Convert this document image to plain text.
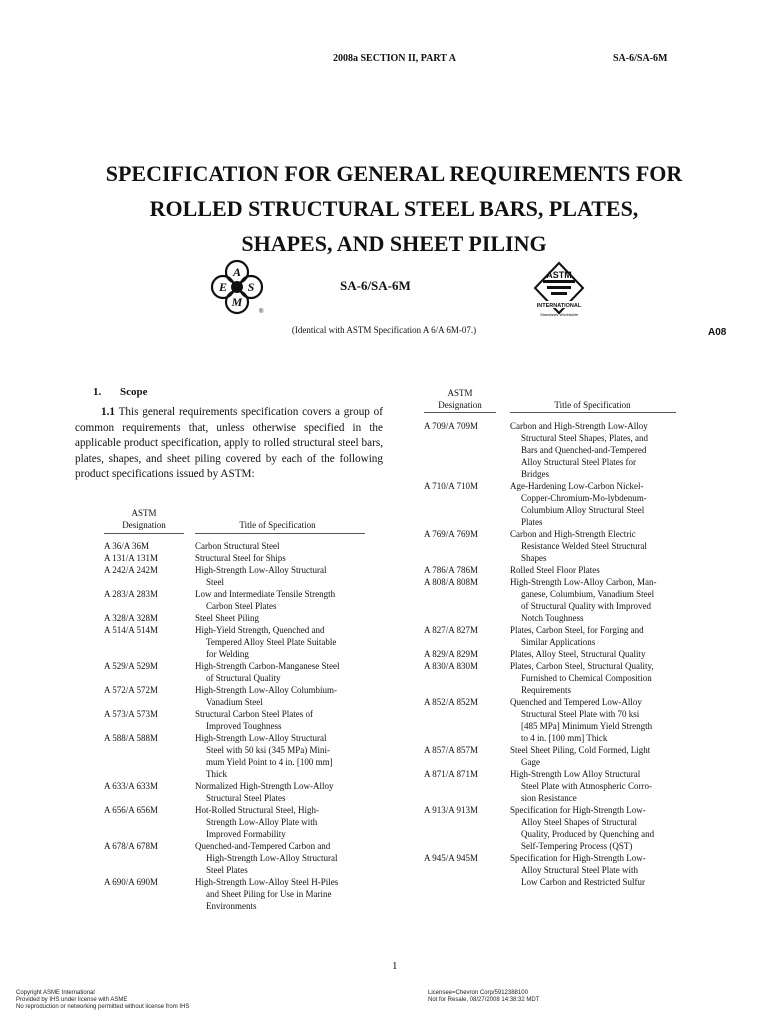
2008a SECTION II, PART A	SA-6/SA-6M
SPECIFICATION FOR GENERAL REQUIREMENTS FOR
ROLLED STRUCTURAL STEEL BARS, PLATES,
SHAPES, AND SHEET PILING
A
E S
M
®
SA-6/SA-6M
ASTM
INTERNATIONAL
Standards Worldwide
(Identical with ASTM Specification A 6/A 6M-07.)	A08
1. Scope
1.1 This general requirements specification covers a group of common requirements that, unless otherwise specified in the applicable product specification, apply to rolled structural steel bars, plates, shapes, and sheet piling covered by each of the following product specifications issued by ASTM:
ASTM
Designation	Title of Specification
A 36/A 36M	Carbon Structural Steel
A 131/A 131M	Structural Steel for Ships
A 242/A 242M	High-Strength Low-Alloy Structural
Steel
A 283/A 283M	Low and Intermediate Tensile Strength
Carbon Steel Plates
A 328/A 328M	Steel Sheet Piling
A 514/A 514M	High-Yield Strength, Quenched and
Tempered Alloy Steel Plate Suitable
for Welding
A 529/A 529M	High-Strength Carbon-Manganese Steel
of Structural Quality
A 572/A 572M	High-Strength Low-Alloy Columbium-
Vanadium Steel
A 573/A 573M	Structural Carbon Steel Plates of
Improved Toughness
A 588/A 588M	High-Strength Low-Alloy Structural
Steel with 50 ksi (345 MPa) Mini-
mum Yield Point to 4 in. [100 mm]
Thick
A 633/A 633M	Normalized High-Strength Low-Alloy
Structural Steel Plates
A 656/A 656M	Hot-Rolled Structural Steel, High-
Strength Low-Alloy Plate with
Improved Formability
A 678/A 678M	Quenched-and-Tempered Carbon and
High-Strength Low-Alloy Structural
Steel Plates
A 690/A 690M	High-Strength Low-Alloy Steel H-Piles
and Sheet Piling for Use in Marine
Environments
ASTM
Designation	Title of Specification
A 709/A 709M	Carbon and High-Strength Low-Alloy
Structural Steel Shapes, Plates, and
Bars and Quenched-and-Tempered
Alloy Structural Steel Plates for
Bridges
A 710/A 710M	Age-Hardening Low-Carbon Nickel-
Copper-Chromium-Mo-lybdenum-
Columbium Alloy Structural Steel
Plates
A 769/A 769M	Carbon and High-Strength Electric
Resistance Welded Steel Structural
Shapes
A 786/A 786M	Rolled Steel Floor Plates
A 808/A 808M	High-Strength Low-Alloy Carbon, Man-
ganese, Columbium, Vanadium Steel
of Structural Quality with Improved
Notch Toughness
A 827/A 827M	Plates, Carbon Steel, for Forging and
Similar Applications
A 829/A 829M	Plates, Alloy Steel, Structural Quality
A 830/A 830M	Plates, Carbon Steel, Structural Quality,
Furnished to Chemical Composition
Requirements
A 852/A 852M	Quenched and Tempered Low-Alloy
Structural Steel Plate with 70 ksi
[485 MPa] Minimum Yield Strength
to 4 in. [100 mm] Thick
A 857/A 857M	Steel Sheet Piling, Cold Formed, Light
Gage
A 871/A 871M	High-Strength Low Alloy Structural
Steel Plate with Atmospheric Corro-
sion Resistance
A 913/A 913M	Specification for High-Strength Low-
Alloy Steel Shapes of Structural
Quality, Produced by Quenching and
Self-Tempering Process (QST)
A 945/A 945M	Specification for High-Strength Low-
Alloy Structural Steel Plate with
Low Carbon and Restricted Sulfur
1
Copyright ASME International
Provided by IHS under license with ASME
No reproduction or networking permitted without license from IHS
Licensee=Chevron Corp/5912388100
Not for Resale, 08/27/2008 14:38:32 MDT
